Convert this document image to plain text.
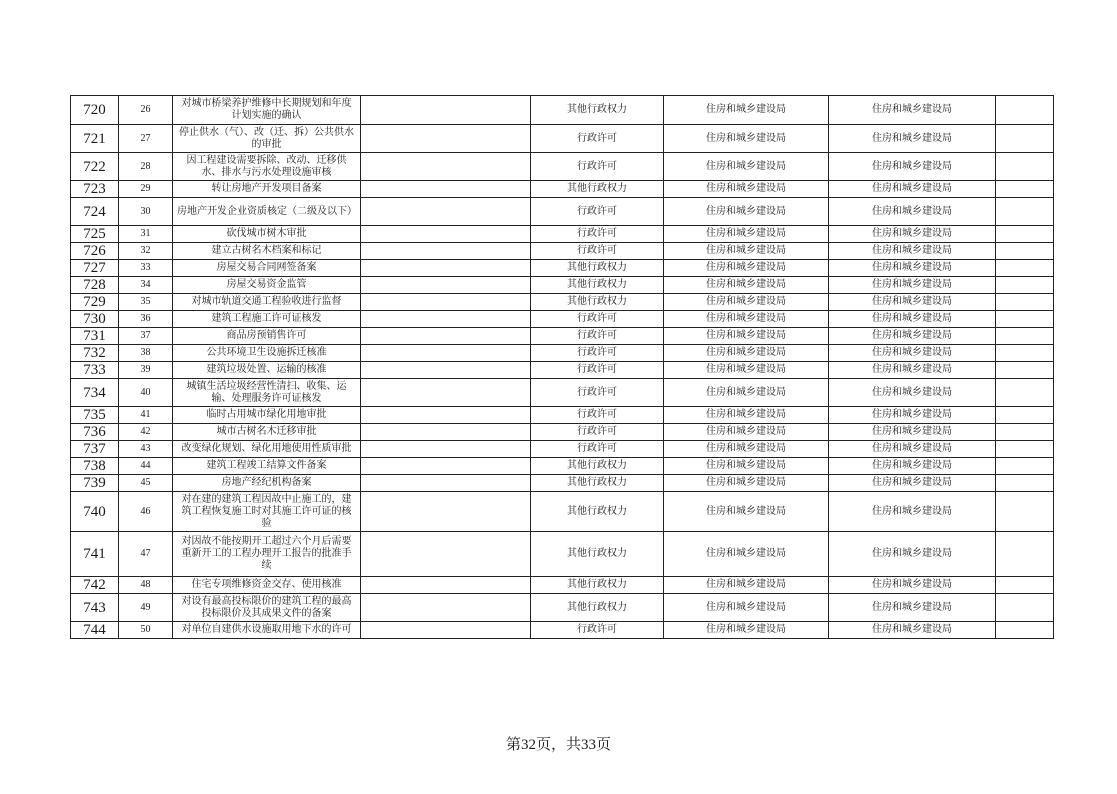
720	26	对城市桥梁养护维修中长期规划和年度计划实施的确认		其他行政权力	住房和城乡建设局	住房和城乡建设局	
721	27	停止供水（气）、改（迁、拆）公共供水的审批		行政许可	住房和城乡建设局	住房和城乡建设局	
722	28	因工程建设需要拆除、改动、迁移供水、排水与污水处理设施审核		行政许可	住房和城乡建设局	住房和城乡建设局	
723	29	转让房地产开发项目备案		其他行政权力	住房和城乡建设局	住房和城乡建设局	
724	30	房地产开发企业资质核定（二级及以下）		行政许可	住房和城乡建设局	住房和城乡建设局	
725	31	砍伐城市树木审批		行政许可	住房和城乡建设局	住房和城乡建设局	
726	32	建立古树名木档案和标记		行政许可	住房和城乡建设局	住房和城乡建设局	
727	33	房屋交易合同网签备案		其他行政权力	住房和城乡建设局	住房和城乡建设局	
728	34	房屋交易资金监管		其他行政权力	住房和城乡建设局	住房和城乡建设局	
729	35	对城市轨道交通工程验收进行监督		其他行政权力	住房和城乡建设局	住房和城乡建设局	
730	36	建筑工程施工许可证核发		行政许可	住房和城乡建设局	住房和城乡建设局	
731	37	商品房预销售许可		行政许可	住房和城乡建设局	住房和城乡建设局	
732	38	公共环境卫生设施拆迁核准		行政许可	住房和城乡建设局	住房和城乡建设局	
733	39	建筑垃圾处置、运输的核准		行政许可	住房和城乡建设局	住房和城乡建设局	
734	40	城镇生活垃圾经营性清扫、收集、运输、处理服务许可证核发		行政许可	住房和城乡建设局	住房和城乡建设局	
735	41	临时占用城市绿化用地审批		行政许可	住房和城乡建设局	住房和城乡建设局	
736	42	城市古树名木迁移审批		行政许可	住房和城乡建设局	住房和城乡建设局	
737	43	改变绿化规划、绿化用地使用性质审批		行政许可	住房和城乡建设局	住房和城乡建设局	
738	44	建筑工程竣工结算文件备案		其他行政权力	住房和城乡建设局	住房和城乡建设局	
739	45	房地产经纪机构备案		其他行政权力	住房和城乡建设局	住房和城乡建设局	
740	46	对在建的建筑工程因故中止施工的，建筑工程恢复施工时对其施工许可证的核验		其他行政权力	住房和城乡建设局	住房和城乡建设局	
741	47	对因故不能按期开工超过六个月后需要重新开工的工程办理开工报告的批准手续		其他行政权力	住房和城乡建设局	住房和城乡建设局	
742	48	住宅专项维修资金交存、使用核准		其他行政权力	住房和城乡建设局	住房和城乡建设局	
743	49	对设有最高投标限价的建筑工程的最高投标限价及其成果文件的备案		其他行政权力	住房和城乡建设局	住房和城乡建设局	
744	50	对单位自建供水设施取用地下水的许可		行政许可	住房和城乡建设局	住房和城乡建设局	
第32页，共33页
